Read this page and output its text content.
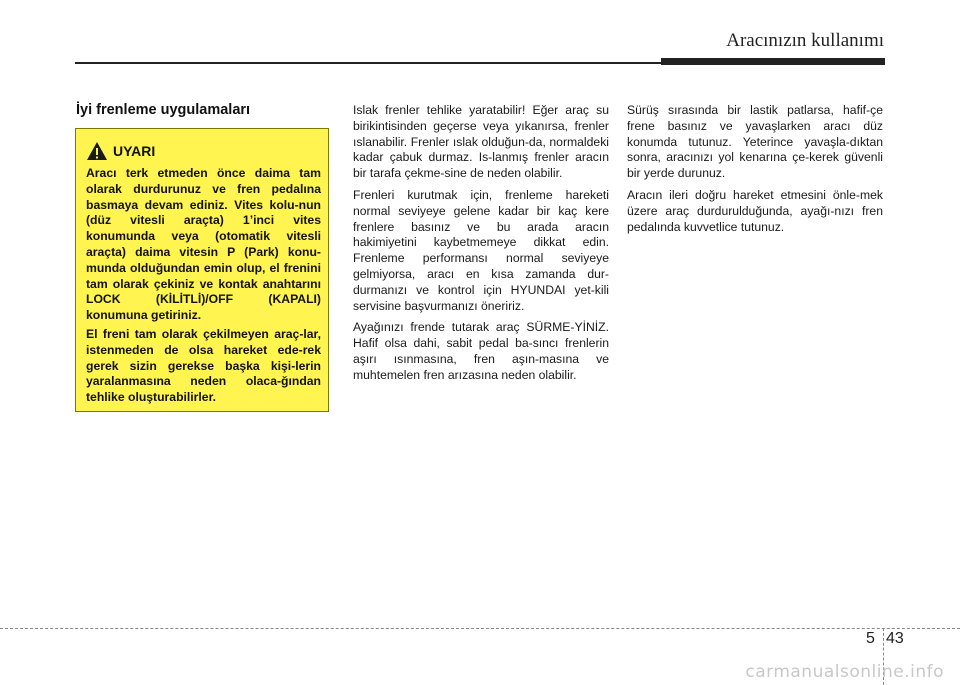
Aracınızın kullanımı
İyi frenleme uygulamaları
UYARI

Aracı terk etmeden önce daima tam olarak durdurunuz ve fren pedalına basmaya devam ediniz. Vites kolu-nun (düz vitesli araçta) 1’inci vites konumunda veya (otomatik vitesli araçta) daima vitesin P (Park) konu-munda olduğundan emin olup, el frenini tam olarak çekiniz ve kontak anahtarını LOCK (KİLİTLİ)/OFF (KAPALI) konumuna getiriniz.

El freni tam olarak çekilmeyen araç-lar, istenmeden de olsa hareket ede-rek gerek sizin gerekse başka kişi-lerin yaralanmasına neden olaca-ğından tehlike oluşturabilirler.

Islak frenler tehlike yaratabilir! Eğer araç su birikintisinden geçerse veya yıkanırsa, frenler ıslanabilir. Frenler ıslak olduğun-da, normaldeki kadar çabuk durmaz. Is-lanmış frenler aracın bir tarafa çekme-sine de neden olabilir.

Frenleri kurutmak için, frenleme hareketi normal seviyeye gelene kadar bir kaç kere frenlere basınız ve bu arada aracın hakimiyetini kaybetmemeye dikkat edin. Frenleme performansı normal seviyeye gelmiyorsa, aracı en kısa zamanda dur-durmanızı ve kontrol için HYUNDAI yet-kili servisine başvurmanızı öneririz.

Ayağınızı frende tutarak araç SÜRME-YİNİZ. Hafif olsa dahi, sabit pedal ba-sıncı frenlerin aşırı ısınmasına, fren aşın-masına ve muhtemelen fren arızasına neden olabilir.

Sürüş sırasında bir lastik patlarsa, hafif-çe frene basınız ve yavaşlarken aracı düz konumda tutunuz. Yeterince yavaşla-dıktan sonra, aracınızı yol kenarına çe-kerek güvenli bir yerde durunuz.

Aracın ileri doğru hareket etmesini önle-mek üzere araç durdurulduğunda, ayağı-nızı fren pedalında kuvvetlice tutunuz.

5 43
carmanualsonline.info
